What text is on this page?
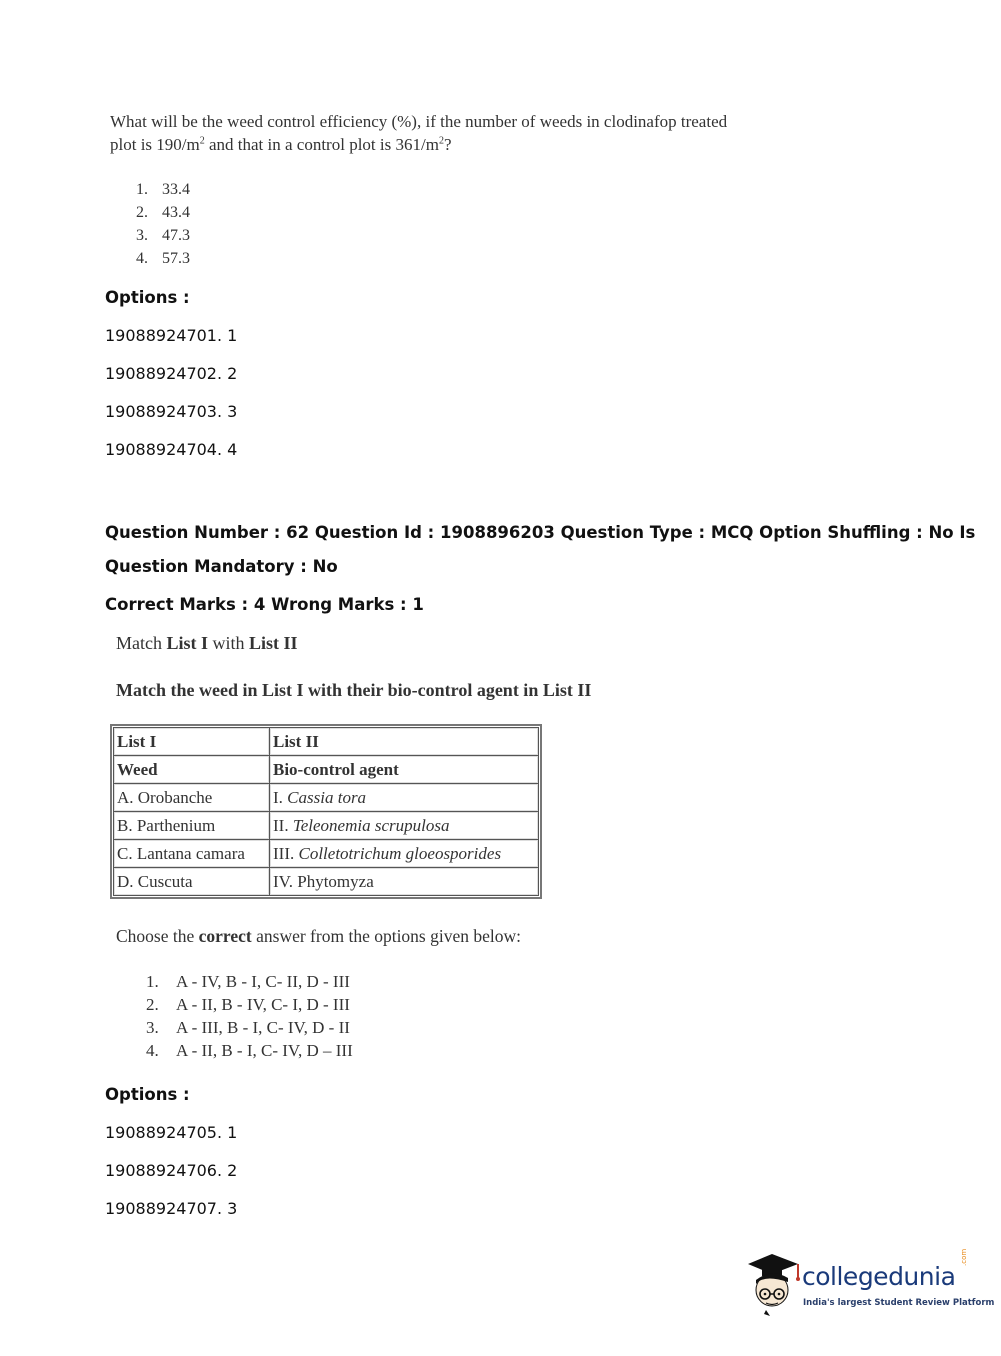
What will be the weed control efficiency (%), if the number of weeds in clodinafop treated
plot is $190/m^2$ and that in a control plot is $361/m^2$?
1. 33.4
2. 43.4
3. 47.3
4. 57.3
Options :
19088924701. 1
19088924702. 2
19088924703. 3
19088924704. 4
Question Number : 62 Question Id : 1908896203 Question Type : MCQ Option Shuffling : No Is
Question Mandatory : No
Correct Marks : 4 Wrong Marks : 1
Match List I with List II
Match the weed in List I with their bio-control agent in List II
List I	List II
Weed	Bio-control agent
A. Orobanche	I. Cassia tora
B. Parthenium	II. Teleonemia scrupulosa
C. Lantana camara	III. Colletotrichum gloeosporides
D. Cuscuta	IV. Phytomyza
Choose the correct answer from the options given below:
1. A - IV, B - I, C- II, D - III
2. A - II, B - IV, C- I, D - III
3. A - III, B - I, C- IV, D - II
4. A - II, B - I, C- IV, D – III
Options :
19088924705. 1
19088924706. 2
19088924707. 3
collegedunia
.com
India's largest Student Review Platform
